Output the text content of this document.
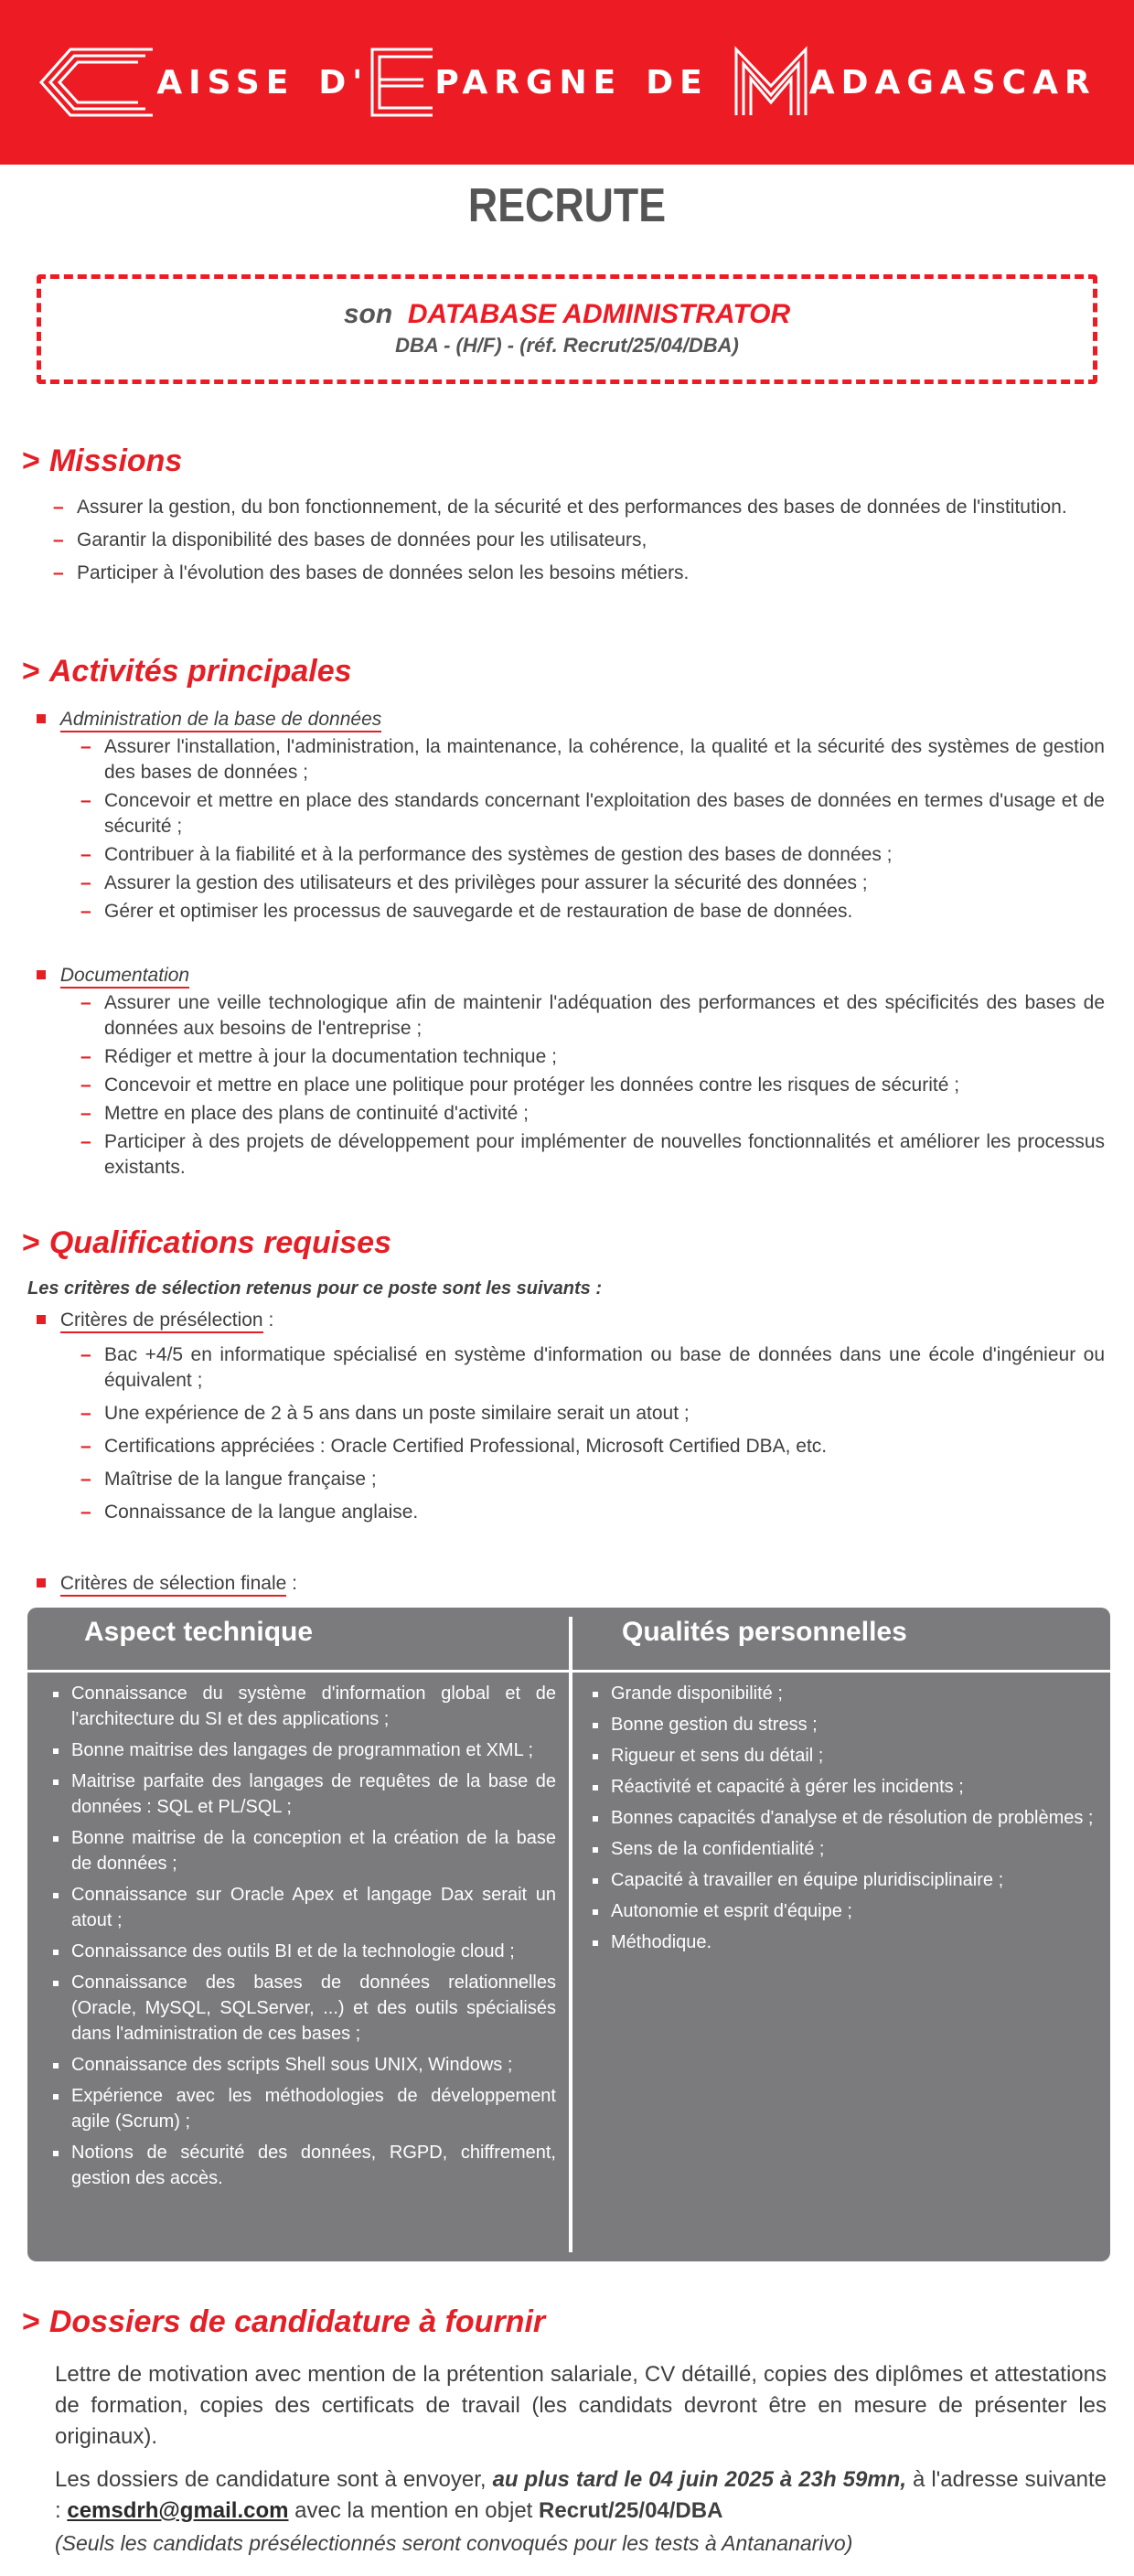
AISSE D' PARGNE DE	ADAGASCAR
RECRUTE
son DATABASE ADMINISTRATOR
DBA - (H/F) - (réf. Recrut/25/04/DBA)
> Missions
– Assurer la gestion, du bon fonctionnement, de la sécurité et des performances des bases de données de l'institution.
– Garantir la disponibilité des bases de données pour les utilisateurs,
– Participer à l'évolution des bases de données selon les besoins métiers.
> Activités principales
Administration de la base de données
– Assurer l'installation, l'administration, la maintenance, la cohérence, la qualité et la sécurité des systèmes de gestion des bases de données ;
– Concevoir et mettre en place des standards concernant l'exploitation des bases de données en termes d'usage et de sécurité ;
– Contribuer à la fiabilité et à la performance des systèmes de gestion des bases de données ;
– Assurer la gestion des utilisateurs et des privilèges pour assurer la sécurité des données ;
– Gérer et optimiser les processus de sauvegarde et de restauration de base de données.
Documentation
– Assurer une veille technologique afin de maintenir l'adéquation des performances et des spécificités des bases de données aux besoins de l'entreprise ;
– Rédiger et mettre à jour la documentation technique ;
– Concevoir et mettre en place une politique pour protéger les données contre les risques de sécurité ;
– Mettre en place des plans de continuité d'activité ;
– Participer à des projets de développement pour implémenter de nouvelles fonctionnalités et améliorer les processus existants.
> Qualifications requises
Les critères de sélection retenus pour ce poste sont les suivants :
Critères de présélection :
– Bac +4/5 en informatique spécialisé en système d'information ou base de données dans une école d'ingénieur ou équivalent ;
– Une expérience de 2 à 5 ans dans un poste similaire serait un atout ;
– Certifications appréciées : Oracle Certified Professional, Microsoft Certified DBA, etc.
– Maîtrise de la langue française ;
– Connaissance de la langue anglaise.
Critères de sélection finale :
Aspect technique	Qualités personnelles
Connaissance du système d'information global et de l'architecture du SI et des applications ;
Bonne maitrise des langages de programmation et XML ;
Maitrise parfaite des langages de requêtes de la base de données : SQL et PL/SQL ;
Bonne maitrise de la conception et la création de la base de données ;
Connaissance sur Oracle Apex et langage Dax serait un atout ;
Connaissance des outils BI et de la technologie cloud ;
Connaissance des bases de données relationnelles (Oracle, MySQL, SQLServer, ...) et des outils spécialisés dans l'administration de ces bases ;
Connaissance des scripts Shell sous UNIX, Windows ;
Expérience avec les méthodologies de développement agile (Scrum) ;
Notions de sécurité des données, RGPD, chiffrement, gestion des accès.
Grande disponibilité ;
Bonne gestion du stress ;
Rigueur et sens du détail ;
Réactivité et capacité à gérer les incidents ;
Bonnes capacités d'analyse et de résolution de problèmes ;
Sens de la confidentialité ;
Capacité à travailler en équipe pluridisciplinaire ;
Autonomie et esprit d'équipe ;
Méthodique.
> Dossiers de candidature à fournir

Lettre de motivation avec mention de la prétention salariale, CV détaillé, copies des diplômes et attestations de formation, copies des certificats de travail (les candidats devront être en mesure de présenter les originaux).

Les dossiers de candidature sont à envoyer, au plus tard le 04 juin 2025 à 23h 59mn, à l'adresse suivante : cemsdrh@gmail.com avec la mention en objet Recrut/25/04/DBA

(Seuls les candidats présélectionnés seront convoqués pour les tests à Antananarivo)
